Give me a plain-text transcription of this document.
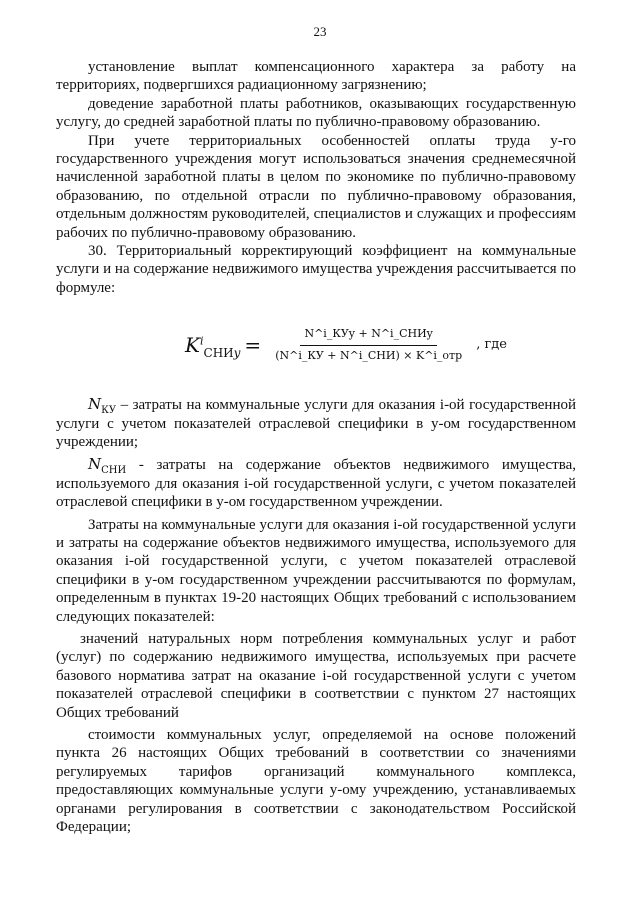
23

установление выплат компенсационного характера за работу на территориях, подвергшихся радиационному загрязнению;

доведение заработной платы работников, оказывающих государственную услугу, до средней заработной платы по публично-правовому образованию.

При учете территориальных особенностей оплаты труда y-го государственного учреждения могут использоваться значения среднемесячной начисленной заработной платы в целом по экономике по публично-правовому образованию, по отдельной отрасли по публично-правовому образования, отдельным должностям руководителей, специалистов и служащих и профессиям рабочих по публично-правовому образованию.

30. Территориальный корректирующий коэффициент на коммунальные услуги и на содержание недвижимого имущества учреждения рассчитывается по формуле:

$K^i_{СНИy} = \frac{\text{N\textasciicircum{}i\_КУy + N\textasciicircum{}i\_СНИy}}{\text{(N\textasciicircum{}i\_КУ + N\textasciicircum{}i\_СНИ) × K\textasciicircum{}i\_отр}}$ , где

$N_{КУ}$ – затраты на коммунальные услуги для оказания i-ой государственной услуги с учетом показателей отраслевой специфики в y-ом государственном учреждении;

$N_{СНИ}$ - затраты на содержание объектов недвижимого имущества, используемого для оказания i-ой государственной услуги, с учетом показателей отраслевой специфики в y-ом государственном учреждении.

Затраты на коммунальные услуги для оказания i-ой государственной услуги и затраты на содержание объектов недвижимого имущества, используемого для оказания i-ой государственной услуги, с учетом показателей отраслевой специфики в у-ом государственном учреждении рассчитываются по формулам, определенным в пунктах 19-20 настоящих Общих требований с использованием следующих показателей:

значений натуральных норм потребления коммунальных услуг и работ (услуг) по содержанию недвижимого имущества, используемых при расчете базового норматива затрат на оказание i-ой государственной услуги с учетом показателей отраслевой специфики в соответствии с пунктом 27 настоящих Общих требований

стоимости коммунальных услуг, определяемой на основе положений пункта 26 настоящих Общих требований в соответствии со значениями регулируемых тарифов организаций коммунального комплекса, предоставляющих коммунальные услуги y-ому учреждению, устанавливаемых органами регулирования в соответствии с законодательством Российской Федерации;
